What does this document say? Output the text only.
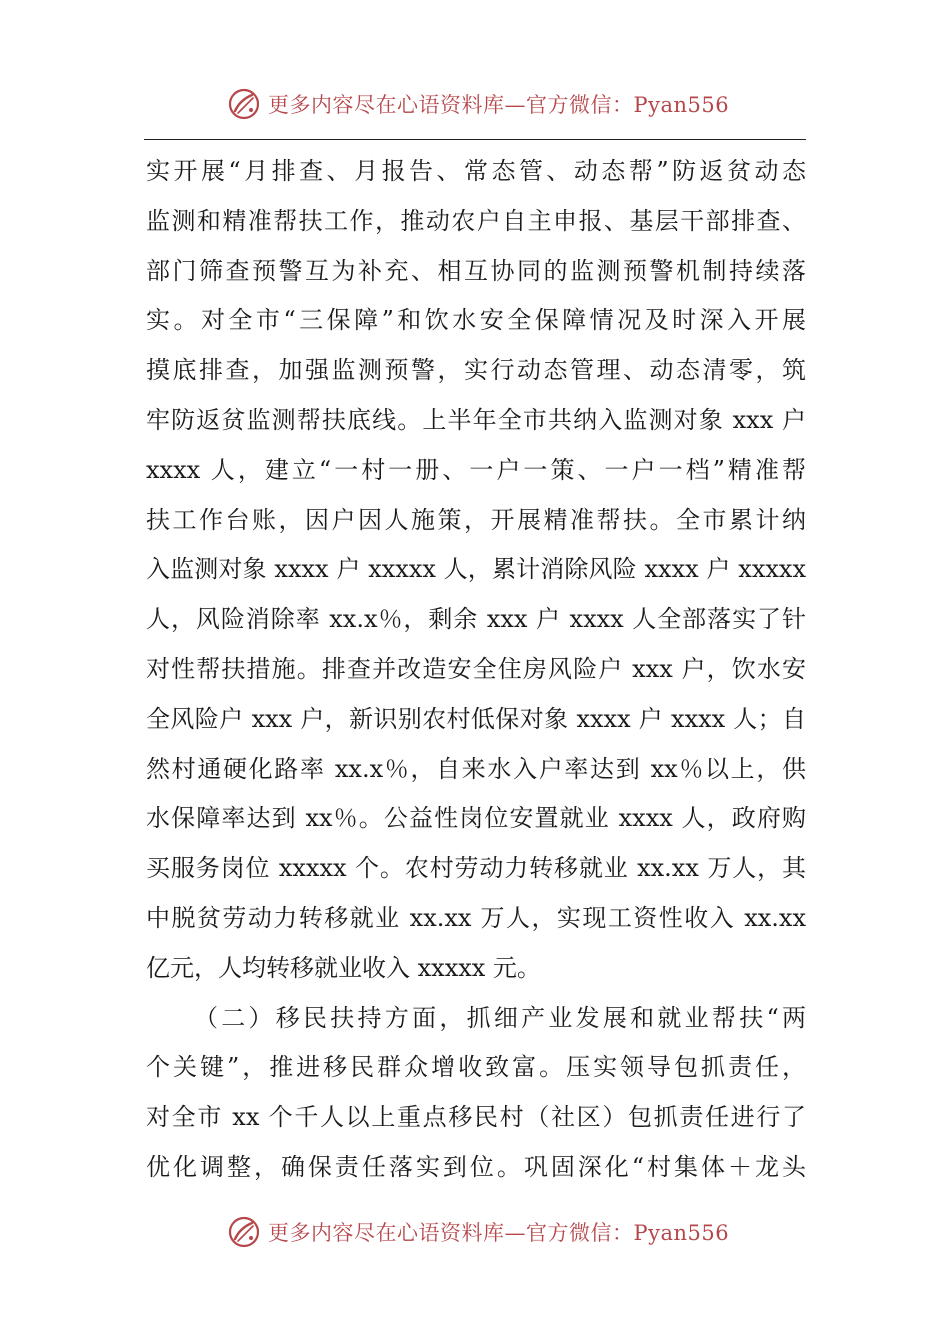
更多内容尽在心语资料库—官方微信：Pyan556
实开展“月排查、月报告、常态管、动态帮”防返贫动态
监测和精准帮扶工作，推动农户自主申报、基层干部排查、
部门筛查预警互为补充、相互协同的监测预警机制持续落
实。对全市“三保障”和饮水安全保障情况及时深入开展
摸底排查，加强监测预警，实行动态管理、动态清零，筑
牢防返贫监测帮扶底线。上半年全市共纳入监测对象 xxx 户
xxxx 人，建立“一村一册、一户一策、一户一档”精准帮
扶工作台账，因户因人施策，开展精准帮扶。全市累计纳
入监测对象 xxxx 户 xxxxx 人，累计消除风险 xxxx 户 xxxxx
人，风险消除率 xx.x％，剩余 xxx 户 xxxx 人全部落实了针
对性帮扶措施。排查并改造安全住房风险户 xxx 户，饮水安
全风险户 xxx 户，新识别农村低保对象 xxxx 户 xxxx 人；自
然村通硬化路率 xx.x％，自来水入户率达到 xx％以上，供
水保障率达到 xx％。公益性岗位安置就业 xxxx 人，政府购
买服务岗位 xxxxx 个。农村劳动力转移就业 xx.xx 万人，其
中脱贫劳动力转移就业 xx.xx 万人，实现工资性收入 xx.xx
亿元，人均转移就业收入 xxxxx 元。
（二）移民扶持方面，抓细产业发展和就业帮扶“两
个关键”，推进移民群众增收致富。压实领导包抓责任，
对全市 xx 个千人以上重点移民村（社区）包抓责任进行了
优化调整，确保责任落实到位。巩固深化“村集体＋龙头
更多内容尽在心语资料库—官方微信：Pyan556
